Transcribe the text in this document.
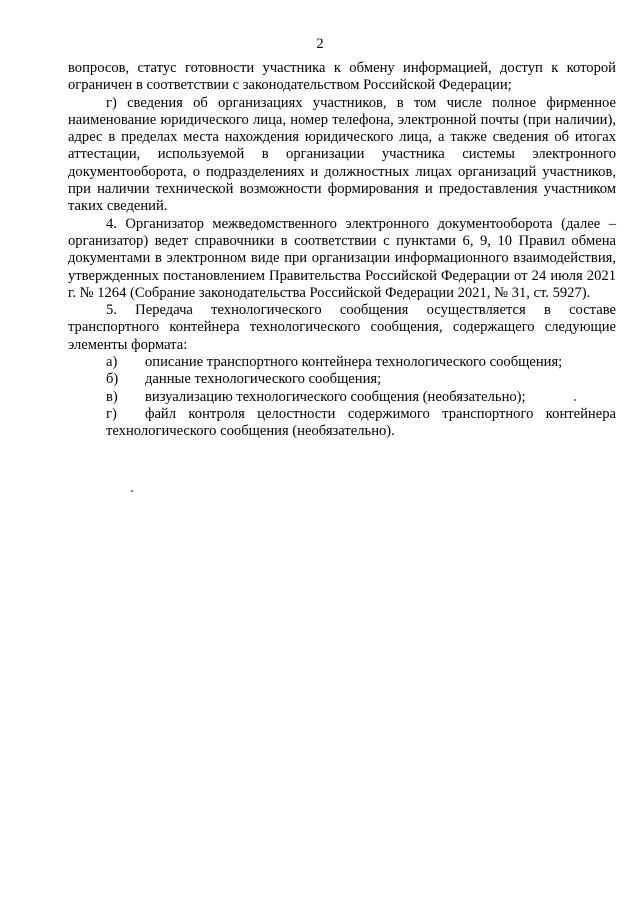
2

вопросов, статус готовности участника к обмену информацией, доступ к которой ограничен в соответствии с законодательством Российской Федерации;

г) сведения об организациях участников, в том числе полное фирменное наименование юридического лица, номер телефона, электронной почты (при наличии), адрес в пределах места нахождения юридического лица, а также сведения об итогах аттестации, используемой в организации участника системы электронного документооборота, о подразделениях и должностных лицах организаций участников, при наличии технической возможности формирования и предоставления участником таких сведений.

4. Организатор межведомственного электронного документооборота (далее – организатор) ведет справочники в соответствии с пунктами 6, 9, 10 Правил обмена документами в электронном виде при организации информационного взаимодействия, утвержденных постановлением Правительства Российской Федерации от 24 июля 2021 г. № 1264 (Собрание законодательства Российской Федерации 2021, № 31, ст. 5927).

5. Передача технологического сообщения осуществляется в составе транспортного контейнера технологического сообщения, содержащего следующие элементы формата:

а)	описание транспортного контейнера технологического сообщения;
б)	данные технологического сообщения;
в)	визуализацию технологического сообщения (необязательно);
г) файл контроля целостности содержимого транспортного контейнера технологического сообщения (необязательно).
